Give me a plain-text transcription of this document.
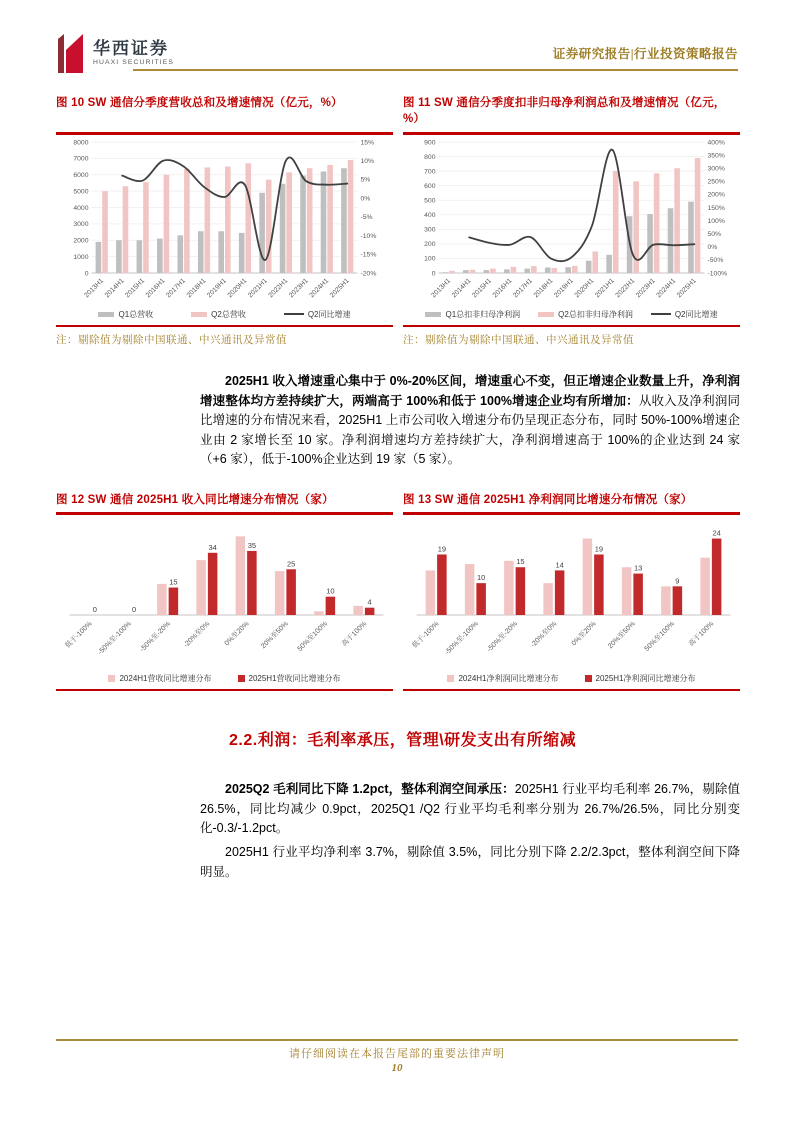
华西证券
HUAXI SECURITIES
证券研究报告|行业投资策略报告
图 10 SW 通信分季度营收总和及增速情况（亿元，%）
0
1000
2000
3000
4000
5000
6000
7000
8000
-20%
-15%
-10%
-5%
0%
5%
10%
15%
2013H1
2014H1
2015H1
2016H1
2017H1
2018H1
2019H1
2020H1
2021H1
2022H1
2023H1
2024H1
2025H1
Q1总营收	Q2总营收	Q2同比增速
注：剔除值为剔除中国联通、中兴通讯及异常值
图 11 SW 通信分季度扣非归母净利润总和及增速情况（亿元，%）
0
100
200
300
400
500
600
700
800
900
-100%
-50%
0%
50%
100%
150%
200%
250%
300%
350%
400%
2013H1
2014H1
2015H1
2016H1
2017H1
2018H1
2019H1
2020H1
2021H1
2022H1
2023H1
2024H1
2025H1
Q1总扣非归母净利润	Q2总扣非归母净利润	Q2同比增速
注：剔除值为剔除中国联通、中兴通讯及异常值

2025H1 收入增速重心集中于 0%-20%区间，增速重心不变，但正增速企业数量上升，净利润增速整体均方差持续扩大，两端高于 100%和低于 100%增速企业均有所增加：从收入及净利润同比增速的分布情况来看，2025H1 上市公司收入增速分布仍呈现正态分布，同时 50%-100%增速企业由 2 家增长至 10 家。净利润增速均方差持续扩大，净利润增速高于 100%的企业达到 24 家（+6 家），低于-100%企业达到 19 家（5 家）。

图 12 SW 通信 2025H1 收入同比增速分布情况（家）
0	0
15
34	35
25
10
4
低于-100% -50%至-100% -50%至-20% -20%至0% 0%至20% 20%至50% 50%至100% 高于100%
2024H1营收同比增速分布	2025H1营收同比增速分布
图 13 SW 通信 2025H1 净利润同比增速分布情况（家）
19
10
15	14
19
13
9
24
低于-100% -50%至-100% -50%至-20% -20%至0% 0%至20% 20%至50% 50%至100% 高于100%
2024H1净利润同比增速分布	2025H1净利润同比增速分布
2.2.利润：毛利率承压，管理\研发支出有所缩减

2025Q2 毛利同比下降 1.2pct，整体利润空间承压：2025H1 行业平均毛利率 26.7%，剔除值 26.5%，同比均减少 0.9pct，2025Q1 /Q2 行业平均毛利率分别为 26.7%/26.5%，同比分别变化-0.3/-1.2pct。

2025H1 行业平均净利率 3.7%，剔除值 3.5%，同比分别下降 2.2/2.3pct，整体利润空间下降明显。

请仔细阅读在本报告尾部的重要法律声明
10
